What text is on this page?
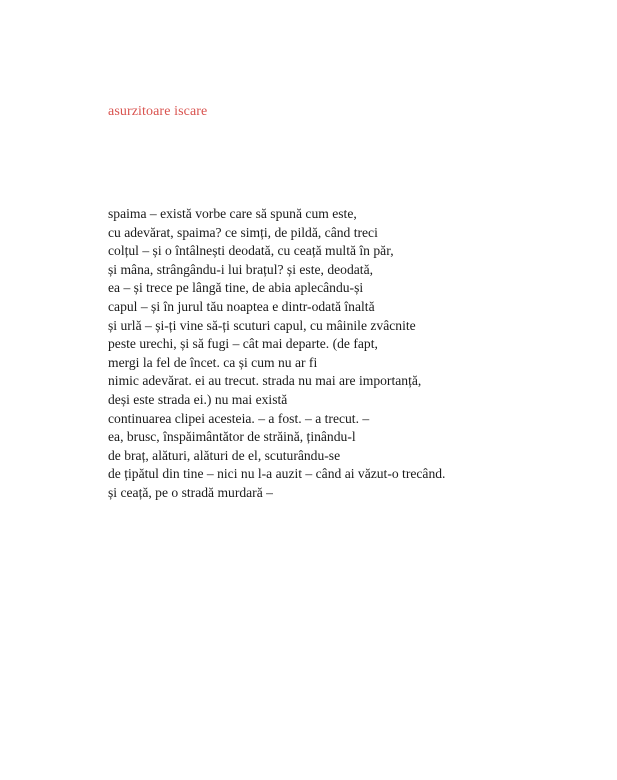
asurzitoare iscare
spaima – există vorbe care să spună cum este,
cu adevărat, spaima? ce simți, de pildă, când treci
colțul – și o întâlnești deodată, cu ceață multă în păr,
și mâna, strângându-i lui brațul? și este, deodată,
ea – și trece pe lângă tine, de abia aplecându-și
capul – și în jurul tău noaptea e dintr-odată înaltă
și urlă – și-ți vine să-ți scuturi capul, cu mâinile zvâcnite
peste urechi, și să fugi – cât mai departe. (de fapt,
mergi la fel de încet. ca și cum nu ar fi
nimic adevărat. ei au trecut. strada nu mai are importanță,
deși este strada ei.) nu mai există
continuarea clipei acesteia. – a fost. – a trecut. –
ea, brusc, înspăimântător de străină, ținându-l
de braț, alături, alături de el, scuturându-se
de țipătul din tine – nici nu l-a auzit – când ai văzut-o trecând.
și ceață, pe o stradă murdară –
